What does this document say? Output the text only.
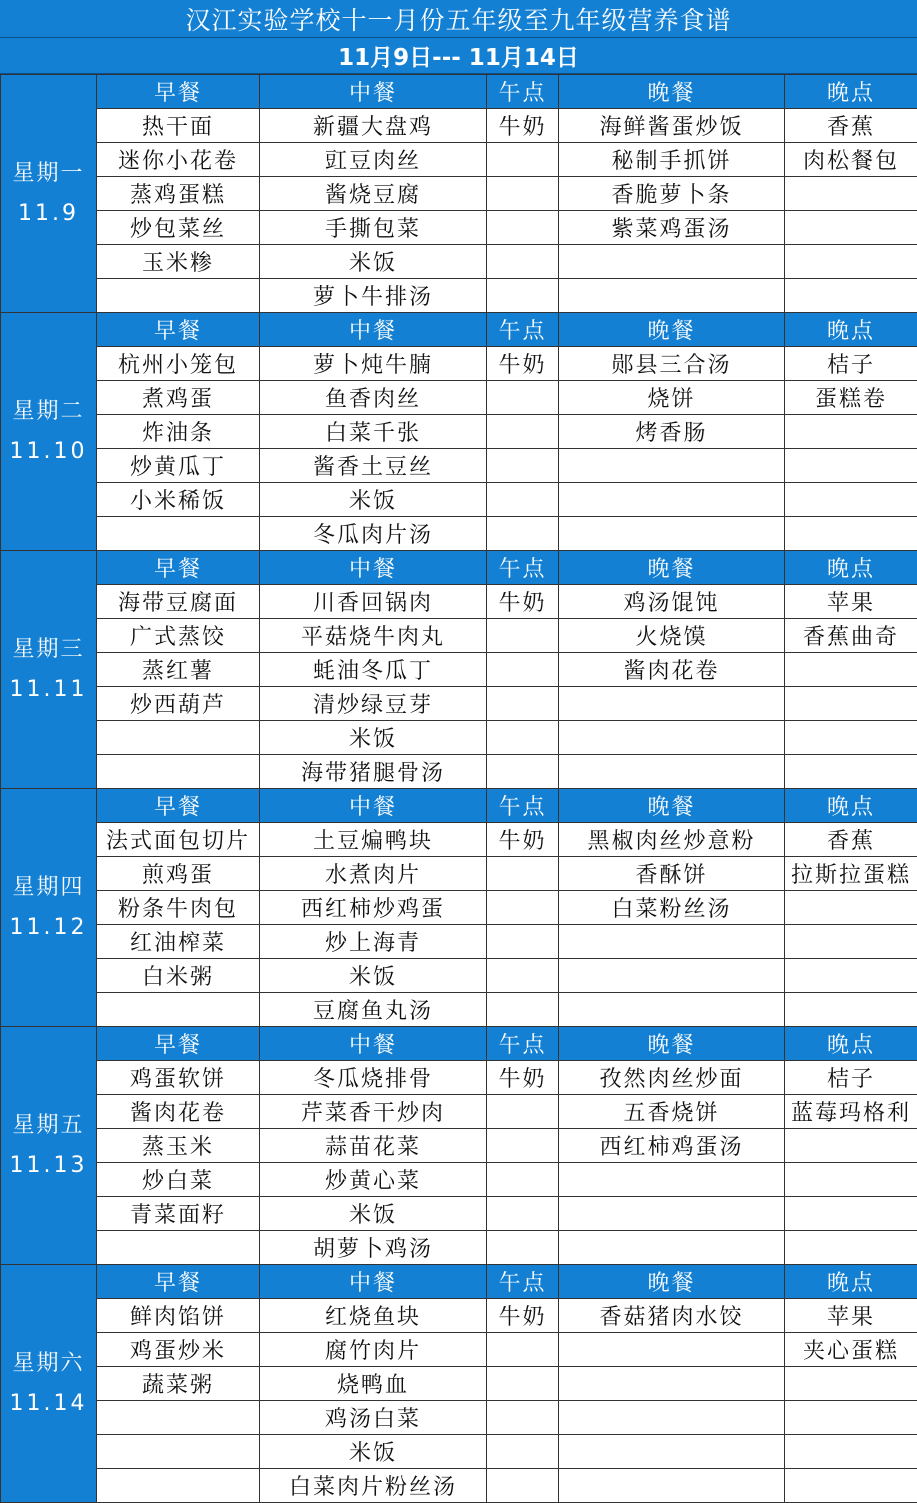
汉江实验学校十一月份五年级至九年级营养食谱
11月9日--- 11月14日
星期一
11.9	早餐	中餐	午点	晚餐	晚点
	热干面	新疆大盘鸡	牛奶	海鲜酱蛋炒饭	香蕉
	迷你小花卷	豇豆肉丝		秘制手抓饼	肉松餐包
	蒸鸡蛋糕	酱烧豆腐		香脆萝卜条	
	炒包菜丝	手撕包菜		紫菜鸡蛋汤	
	玉米糁	米饭			
		萝卜牛排汤			

星期二
11.10	早餐	中餐	午点	晚餐	晚点
	杭州小笼包	萝卜炖牛腩	牛奶	郧县三合汤	桔子
	煮鸡蛋	鱼香肉丝		烧饼	蛋糕卷
	炸油条	白菜千张		烤香肠	
	炒黄瓜丁	酱香土豆丝			
	小米稀饭	米饭			
		冬瓜肉片汤			

星期三
11.11	早餐	中餐	午点	晚餐	晚点
	海带豆腐面	川香回锅肉	牛奶	鸡汤馄饨	苹果
	广式蒸饺	平菇烧牛肉丸		火烧馍	香蕉曲奇
	蒸红薯	蚝油冬瓜丁		酱肉花卷	
	炒西葫芦	清炒绿豆芽			
		米饭			
		海带猪腿骨汤			

星期四
11.12	早餐	中餐	午点	晚餐	晚点
	法式面包切片	土豆煸鸭块	牛奶	黑椒肉丝炒意粉	香蕉
	煎鸡蛋	水煮肉片		香酥饼	拉斯拉蛋糕
	粉条牛肉包	西红柿炒鸡蛋		白菜粉丝汤	
	红油榨菜	炒上海青			
	白米粥	米饭			
		豆腐鱼丸汤			

星期五
11.13	早餐	中餐	午点	晚餐	晚点
	鸡蛋软饼	冬瓜烧排骨	牛奶	孜然肉丝炒面	桔子
	酱肉花卷	芹菜香干炒肉		五香烧饼	蓝莓玛格利
	蒸玉米	蒜苗花菜		西红柿鸡蛋汤	
	炒白菜	炒黄心菜			
	青菜面籽	米饭			
		胡萝卜鸡汤			

星期六
11.14	早餐	中餐	午点	晚餐	晚点
	鲜肉馅饼	红烧鱼块	牛奶	香菇猪肉水饺	苹果
	鸡蛋炒米	腐竹肉片			夹心蛋糕
	蔬菜粥	烧鸭血			
		鸡汤白菜			
		米饭			
		白菜肉片粉丝汤			
